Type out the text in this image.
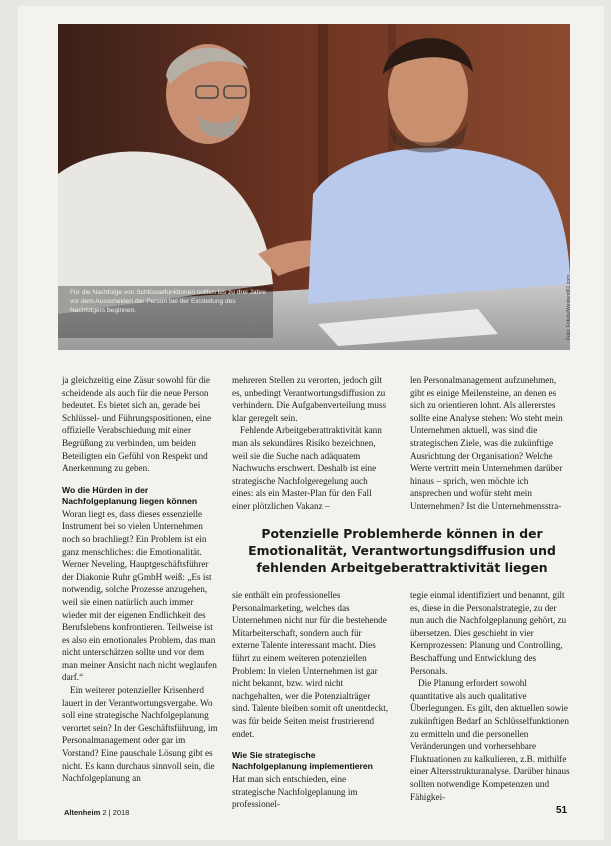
Für die Nachfolge von Schlüsselfunktionen sollten bis zu drei Jahre vor dem Ausscheiden der Person bei der Einstellung des Nachfolgers beginnen.	Foto: Fotolia/Westend61.com

ja gleichzeitig eine Zäsur sowohl für die scheidende als auch für die neue Person bedeutet. Es bietet sich an, gerade bei Schlüssel- und Führungspositionen, eine offizielle Verabschiedung mit einer Begrüßung zu verbinden, um beiden Beteiligten ein Gefühl von Respekt und Anerkennung zu geben.

Wo die Hürden in der Nachfolgeplanung liegen können

Woran liegt es, dass dieses essenzielle Instrument bei so vielen Unternehmen noch so brachliegt? Ein Problem ist ein ganz menschliches: die Emotionalität. Werner Neveling, Hauptgeschäftsführer der Diakonie Ruhr gGmbH weiß: „Es ist notwendig, solche Prozesse anzugehen, weil sie einen natürlich auch immer wieder mit der eigenen Endlichkeit des Berufslebens konfrontieren. Teilweise ist es also ein emotionales Problem, das man nicht unterschätzen sollte und vor dem man meiner Ansicht nach nicht weglaufen darf.“

Ein weiterer potenzieller Krisenherd lauert in der Verantwortungsvergabe. Wo soll eine strategische Nachfolgeplanung verortet sein? In der Geschäftsführung, im Personalmanagement oder gar im Vorstand? Eine pauschale Lösung gibt es nicht. Es kann durchaus sinnvoll sein, die Nachfolgeplanung an

mehreren Stellen zu verorten, jedoch gilt es, unbedingt Verantwortungsdiffusion zu verhindern. Die Aufgabenverteilung muss klar geregelt sein.

Fehlende Arbeitgeberattraktivität kann man als sekundäres Risiko bezeichnen, weil sie die Suche nach adäquatem Nachwuchs erschwert. Deshalb ist eine strategische Nachfolgeregelung auch eines: als ein Master-Plan für den Fall einer plötzlichen Vakanz –

len Personalmanagement aufzunehmen, gibt es einige Meilensteine, an denen es sich zu orientieren lohnt. Als allererstes sollte eine Analyse stehen: Wo steht mein Unternehmen aktuell, was sind die strategischen Ziele, was die zukünftige Ausrichtung der Organisation? Welche Werte vertritt mein Unternehmen darüber hinaus – sprich, wen möchte ich ansprechen und wofür steht mein Unternehmen? Ist die Unternehmensstra-

Potenzielle Problemherde können in der Emotionalität, Verantwortungsdiffusion und fehlenden Arbeitgeberattraktivität liegen

sie enthält ein professionelles Personalmarketing, welches das Unternehmen nicht nur für die bestehende Mitarbeiterschaft, sondern auch für externe Talente interessant macht. Dies führt zu einem weiteren potenziellen Problem: In vielen Unternehmen ist gar nicht bekannt, bzw. wird nicht nachgehalten, wer die Potenzialträger sind. Talente bleiben somit oft unentdeckt, was für beide Seiten meist frustrierend endet.

Wie Sie strategische Nachfolgeplanung implementieren

Hat man sich entschieden, eine strategische Nachfolgeplanung im professionel-

tegie einmal identifiziert und benannt, gilt es, diese in die Personalstrategie, zu der nun auch die Nachfolgeplanung gehört, zu übersetzen. Dies geschieht in vier Kernprozessen: Planung und Controlling, Beschaffung und Entwicklung des Personals.

Die Planung erfordert sowohl quantitative als auch qualitative Überlegungen. Es gilt, den aktuellen sowie zukünftigen Bedarf an Schlüsselfunktionen zu ermitteln und die personellen Veränderungen und vorhersehbare Fluktuationen zu kalkulieren, z.B. mithilfe einer Altersstrukturanalyse. Darüber hinaus sollten notwendige Kompetenzen und Fähigkei-

Altenheim 2 | 2018	51
